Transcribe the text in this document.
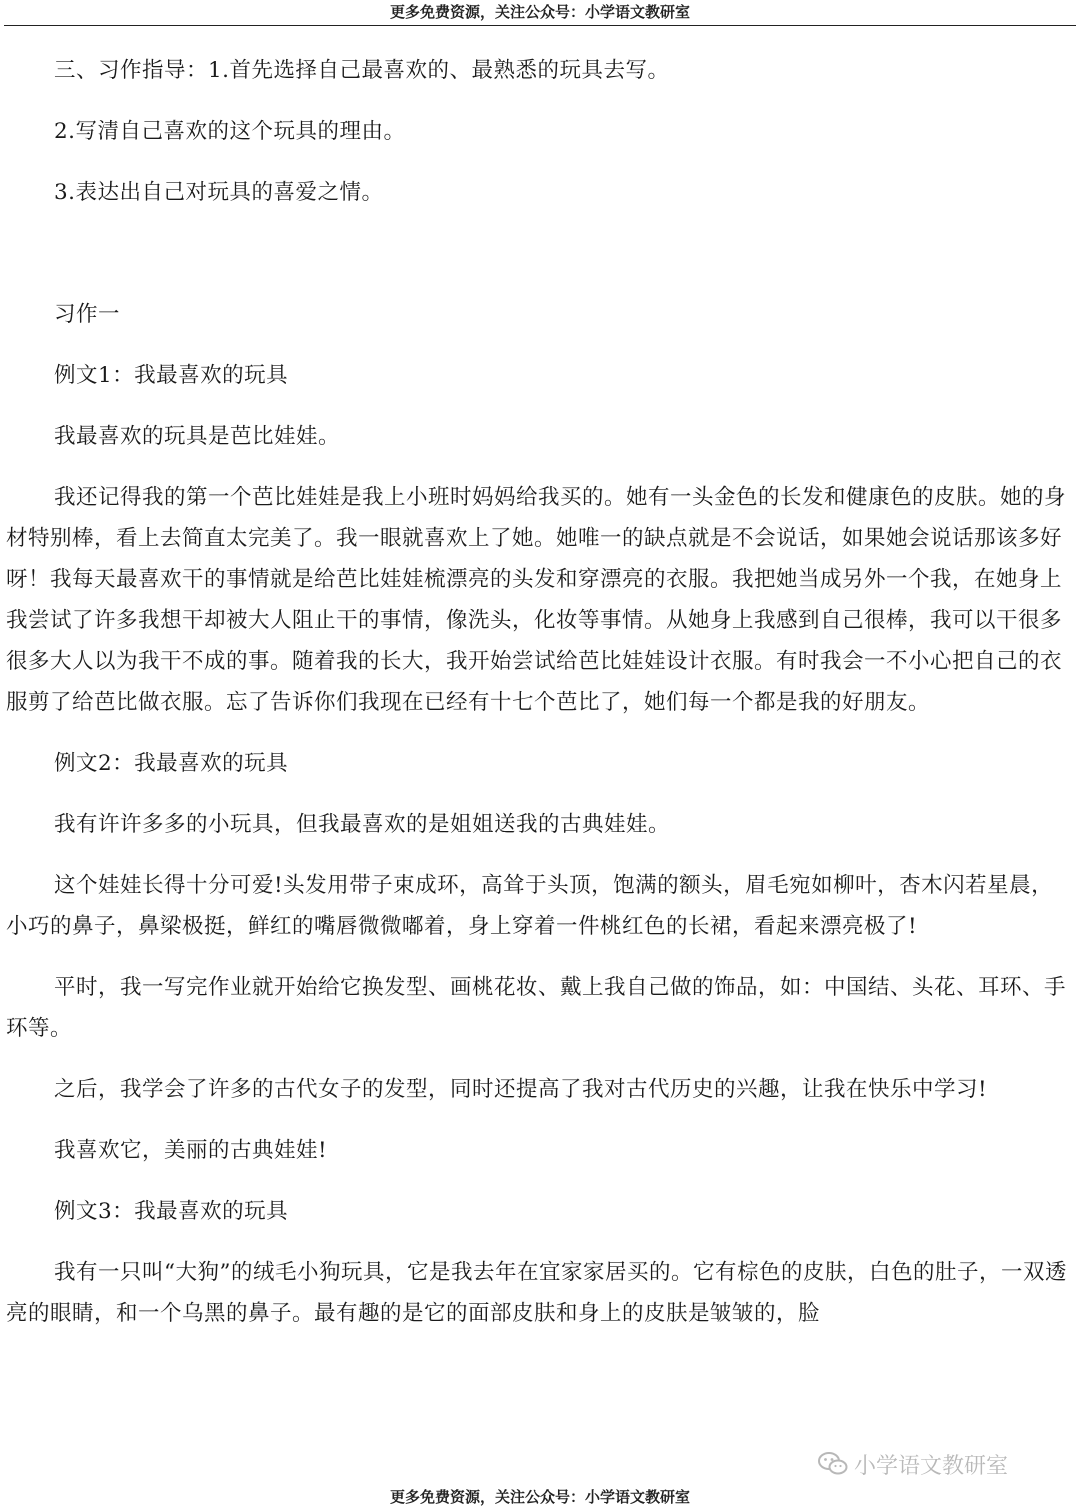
更多免费资源，关注公众号：小学语文教研室

三、习作指导：1.首先选择自己最喜欢的、最熟悉的玩具去写。

2.写清自己喜欢的这个玩具的理由。

3.表达出自己对玩具的喜爱之情。

习作一

例文1：我最喜欢的玩具

我最喜欢的玩具是芭比娃娃。

我还记得我的第一个芭比娃娃是我上小班时妈妈给我买的。她有一头金色的长发和健康色的皮肤。她的身材特别棒，看上去简直太完美了。我一眼就喜欢上了她。她唯一的缺点就是不会说话，如果她会说话那该多好呀！我每天最喜欢干的事情就是给芭比娃娃梳漂亮的头发和穿漂亮的衣服。我把她当成另外一个我，在她身上我尝试了许多我想干却被大人阻止干的事情，像洗头，化妆等事情。从她身上我感到自己很棒，我可以干很多很多大人以为我干不成的事。随着我的长大，我开始尝试给芭比娃娃设计衣服。有时我会一不小心把自己的衣服剪了给芭比做衣服。忘了告诉你们我现在已经有十七个芭比了，她们每一个都是我的好朋友。

例文2：我最喜欢的玩具

我有许许多多的小玩具，但我最喜欢的是姐姐送我的古典娃娃。

这个娃娃长得十分可爱!头发用带子束成环，高耸于头顶，饱满的额头，眉毛宛如柳叶，杏木闪若星晨，小巧的鼻子，鼻梁极挺，鲜红的嘴唇微微嘟着，身上穿着一件桃红色的长裙，看起来漂亮极了!

平时，我一写完作业就开始给它换发型、画桃花妆、戴上我自己做的饰品，如：中国结、头花、耳环、手环等。

之后，我学会了许多的古代女子的发型，同时还提高了我对古代历史的兴趣，让我在快乐中学习!

我喜欢它，美丽的古典娃娃!

例文3：我最喜欢的玩具

我有一只叫“大狗”的绒毛小狗玩具，它是我去年在宜家家居买的。它有棕色的皮肤，白色的肚子，一双透亮的眼睛，和一个乌黑的鼻子。最有趣的是它的面部皮肤和身上的皮肤是皱皱的，脸

小学语文教研室
更多免费资源，关注公众号：小学语文教研室
